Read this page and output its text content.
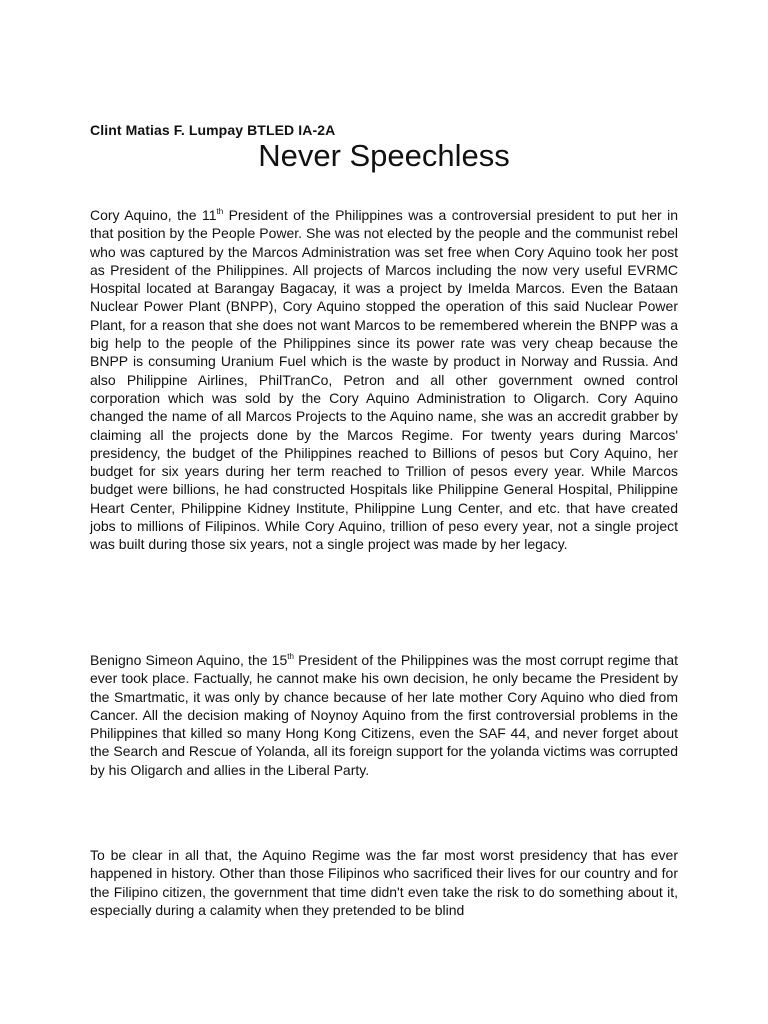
Clint Matias F. Lumpay BTLED IA-2A
Never Speechless

Cory Aquino, the 11th President of the Philippines was a controversial president to put her in that position by the People Power. She was not elected by the people and the communist rebel who was captured by the Marcos Administration was set free when Cory Aquino took her post as President of the Philippines. All projects of Marcos including the now very useful EVRMC Hospital located at Barangay Bagacay, it was a project by Imelda Marcos. Even the Bataan Nuclear Power Plant (BNPP), Cory Aquino stopped the operation of this said Nuclear Power Plant, for a reason that she does not want Marcos to be remembered wherein the BNPP was a big help to the people of the Philippines since its power rate was very cheap because the BNPP is consuming Uranium Fuel which is the waste by product in Norway and Russia. And also Philippine Airlines, PhilTranCo, Petron and all other government owned control corporation which was sold by the Cory Aquino Administration to Oligarch. Cory Aquino changed the name of all Marcos Projects to the Aquino name, she was an accredit grabber by claiming all the projects done by the Marcos Regime. For twenty years during Marcos' presidency, the budget of the Philippines reached to Billions of pesos but Cory Aquino, her budget for six years during her term reached to Trillion of pesos every year. While Marcos budget were billions, he had constructed Hospitals like Philippine General Hospital, Philippine Heart Center, Philippine Kidney Institute, Philippine Lung Center, and etc. that have created jobs to millions of Filipinos. While Cory Aquino, trillion of peso every year, not a single project was built during those six years, not a single project was made by her legacy.

Benigno Simeon Aquino, the 15th President of the Philippines was the most corrupt regime that ever took place. Factually, he cannot make his own decision, he only became the President by the Smartmatic, it was only by chance because of her late mother Cory Aquino who died from Cancer. All the decision making of Noynoy Aquino from the first controversial problems in the Philippines that killed so many Hong Kong Citizens, even the SAF 44, and never forget about the Search and Rescue of Yolanda, all its foreign support for the yolanda victims was corrupted by his Oligarch and allies in the Liberal Party.

To be clear in all that, the Aquino Regime was the far most worst presidency that has ever happened in history. Other than those Filipinos who sacrificed their lives for our country and for the Filipino citizen, the government that time didn't even take the risk to do something about it, especially during a calamity when they pretended to be blind
